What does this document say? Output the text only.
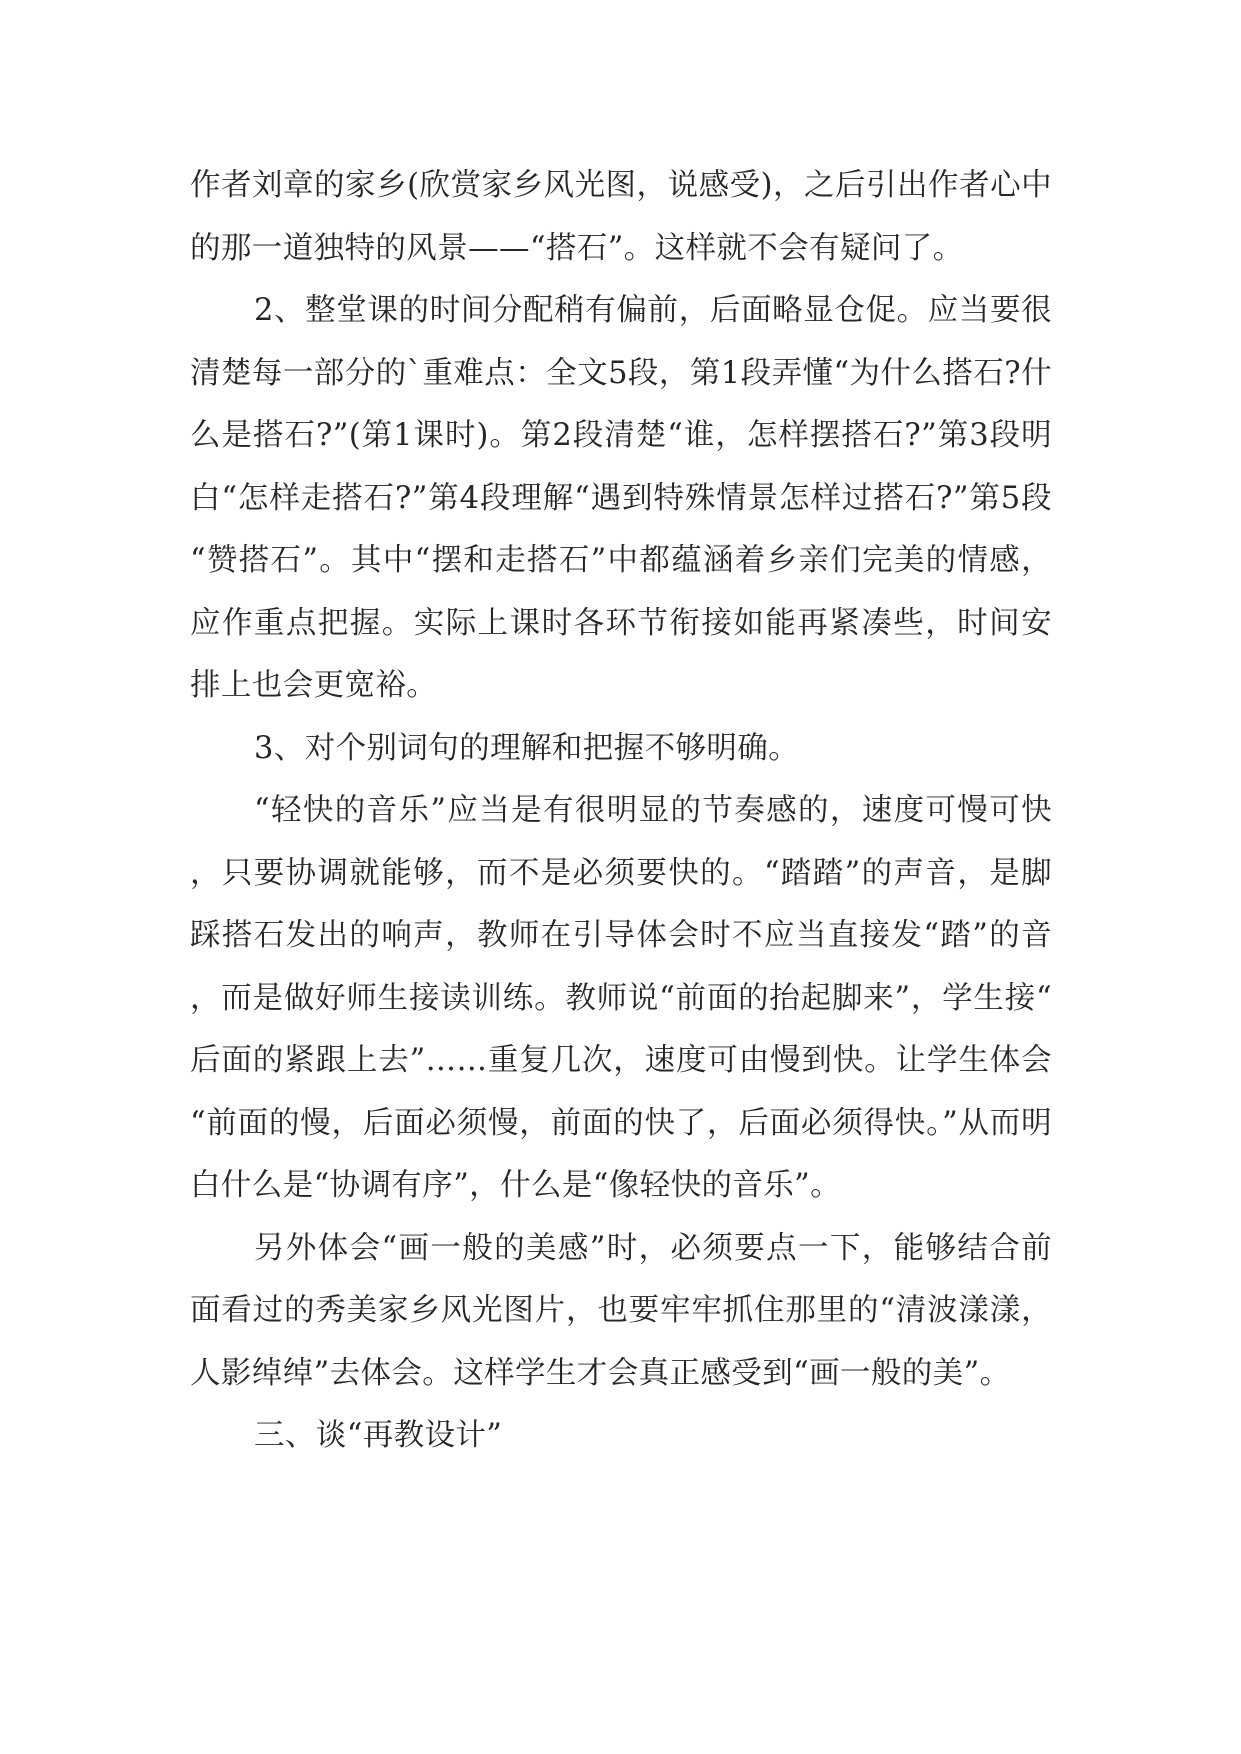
作者刘章的家乡(欣赏家乡风光图，说感受)，之后引出作者心中的那一道独特的风景——“搭石”。这样就不会有疑问了。

2、整堂课的时间分配稍有偏前，后面略显仓促。应当要很清楚每一部分的`重难点：全文5段，第1段弄懂“为什么搭石?什么是搭石?”(第1课时)。第2段清楚“谁，怎样摆搭石?”第3段明白“怎样走搭石?”第4段理解“遇到特殊情景怎样过搭石?”第5段“赞搭石”。其中“摆和走搭石”中都蕴涵着乡亲们完美的情感，应作重点把握。实际上课时各环节衔接如能再紧凑些，时间安排上也会更宽裕。

3、对个别词句的理解和把握不够明确。

“轻快的音乐”应当是有很明显的节奏感的，速度可慢可快，只要协调就能够，而不是必须要快的。“踏踏”的声音，是脚踩搭石发出的响声，教师在引导体会时不应当直接发“踏”的音，而是做好师生接读训练。教师说“前面的抬起脚来”，学生接“后面的紧跟上去”……重复几次，速度可由慢到快。让学生体会“前面的慢，后面必须慢，前面的快了，后面必须得快。”从而明白什么是“协调有序”，什么是“像轻快的音乐”。

另外体会“画一般的美感”时，必须要点一下，能够结合前面看过的秀美家乡风光图片，也要牢牢抓住那里的“清波漾漾，人影绰绰”去体会。这样学生才会真正感受到“画一般的美”。

三、谈“再教设计”
